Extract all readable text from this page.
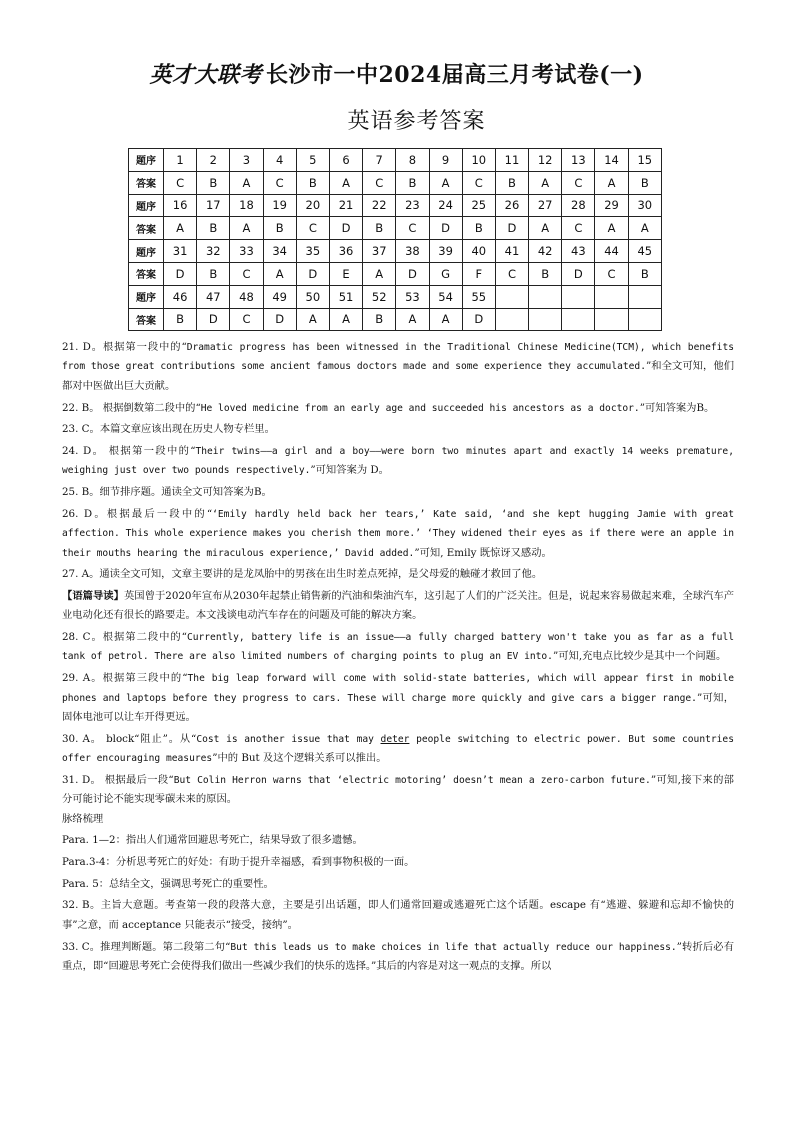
英才大联考 长沙市一中2024届高三月考试卷(一)
英语参考答案
题序	1	2	3	4	5	6	7	8	9	10	11	12	13	14	15
答案	C	B	A	C	B	A	C	B	A	C	B	A	C	A	B
题序	16	17	18	19	20	21	22	23	24	25	26	27	28	29	30
答案	A	B	A	B	C	D	B	C	D	B	D	A	C	A	A
题序	31	32	33	34	35	36	37	38	39	40	41	42	43	44	45
答案	D	B	C	A	D	E	A	D	G	F	C	B	D	C	B
题序	46	47	48	49	50	51	52	53	54	55					
答案	B	D	C	D	A	A	B	A	A	D					

21. D。根据第一段中的“Dramatic progress has been witnessed in the Traditional Chinese Medicine(TCM), which benefits from those great contributions some ancient famous doctors made and some experience they accumulated.”和全文可知，他们都对中医做出巨大贡献。

22. B。 根据倒数第二段中的“He loved medicine from an early age and succeeded his ancestors as a doctor.”可知答案为B。

23. C。本篇文章应该出现在历史人物专栏里。

24. D。 根据第一段中的“Their twins——a girl and a boy——were born two minutes apart and exactly 14 weeks premature, weighing just over two pounds respectively.”可知答案为 D。

25. B。细节排序题。通读全文可知答案为B。

26. D。根据最后一段中的“‘Emily hardly held back her tears,’ Kate said, ‘and she kept hugging Jamie with great affection. This whole experience makes you cherish them more.’ ‘They widened their eyes as if there were an apple in their mouths hearing the miraculous experience,’ David added.”可知, Emily 既惊讶又感动。

27. A。通读全文可知，文章主要讲的是龙凤胎中的男孩在出生时差点死掉，是父母爱的触碰才救回了他。

【语篇导读】英国曾于2020年宣布从2030年起禁止销售新的汽油和柴油汽车，这引起了人们的广泛关注。但是，说起来容易做起来难，全球汽车产业电动化还有很长的路要走。本文浅谈电动汽车存在的问题及可能的解决方案。

28. C。根据第二段中的“Currently, battery life is an issue——a fully charged battery won't take you as far as a full tank of petrol. There are also limited numbers of charging points to plug an EV into.”可知,充电点比较少是其中一个问题。

29. A。根据第三段中的“The big leap forward will come with solid-state batteries, which will appear first in mobile phones and laptops before they progress to cars. These will charge more quickly and give cars a bigger range.”可知，固体电池可以让车开得更远。

30. A。 block“阻止”。从“Cost is another issue that may deter people switching to electric power. But some countries offer encouraging measures”中的 But 及这个逻辑关系可以推出。

31. D。 根据最后一段“But Colin Herron warns that ‘electric motoring’ doesn’t mean a zero-carbon future.”可知,接下来的部分可能讨论不能实现零碳未来的原因。

脉络梳理

Para. 1—2：指出人们通常回避思考死亡，结果导致了很多遗憾。

Para.3-4：分析思考死亡的好处：有助于提升幸福感，看到事物积极的一面。

Para. 5：总结全文，强调思考死亡的重要性。

32. B。主旨大意题。考查第一段的段落大意，主要是引出话题，即人们通常回避或逃避死亡这个话题。escape 有“逃避、躲避和忘却不愉快的事”之意，而 acceptance 只能表示“接受，接纳”。

33. C。推理判断题。第二段第二句“But this leads us to make choices in life that actually reduce our happiness.”转折后必有重点，即“回避思考死亡会使得我们做出一些减少我们的快乐的选择。”其后的内容是对这一观点的支撑。所以
